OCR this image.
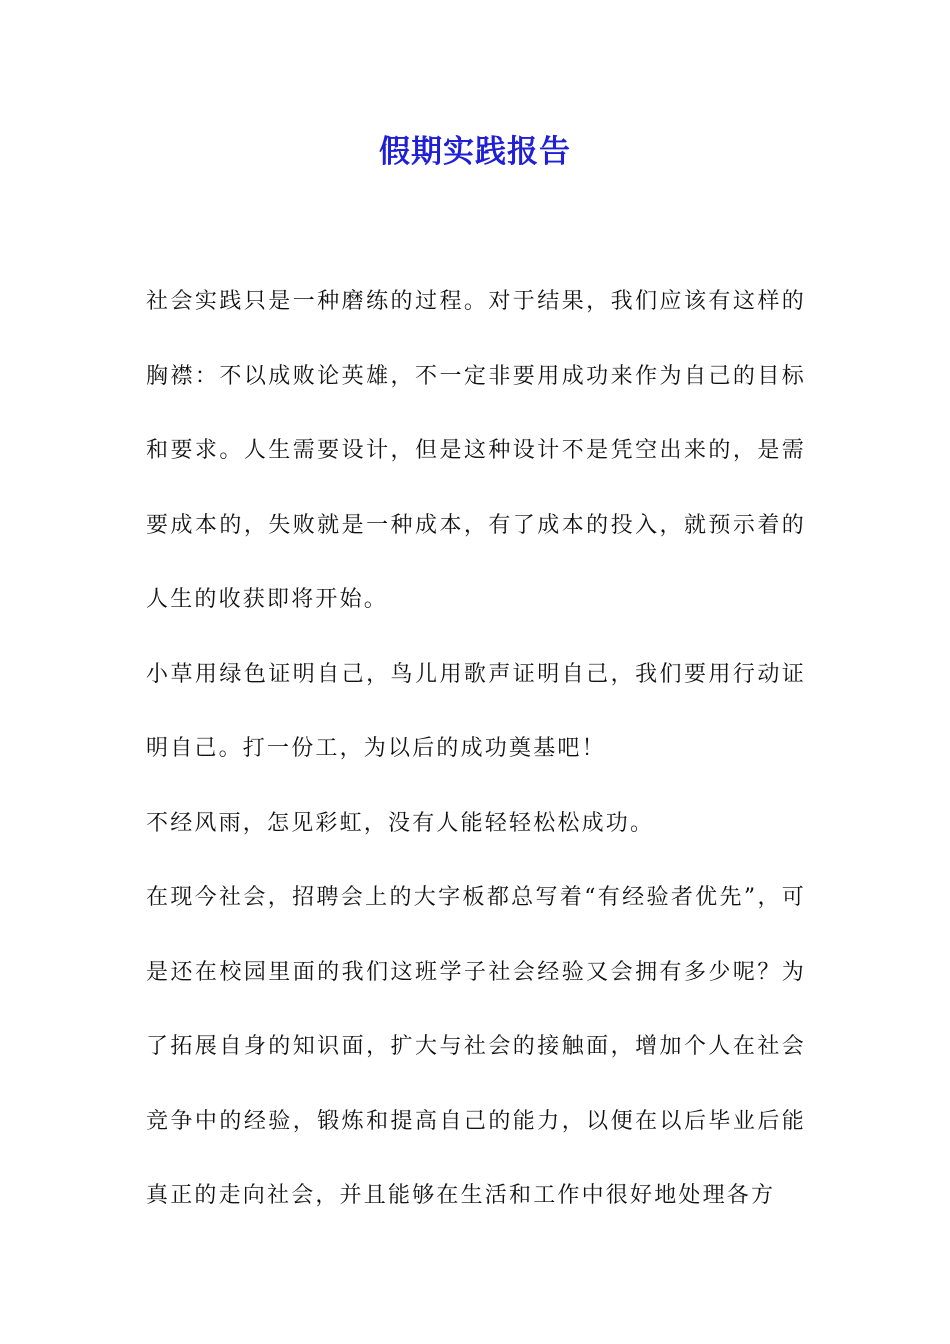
假期实践报告

社会实践只是一种磨练的过程。对于结果，我们应该有这样的胸襟：不以成败论英雄，不一定非要用成功来作为自己的目标和要求。人生需要设计，但是这种设计不是凭空出来的，是需要成本的，失败就是一种成本，有了成本的投入，就预示着的人生的收获即将开始。

小草用绿色证明自己，鸟儿用歌声证明自己，我们要用行动证明自己。打一份工，为以后的成功奠基吧！

不经风雨，怎见彩虹，没有人能轻轻松松成功。

在现今社会，招聘会上的大字板都总写着“有经验者优先”，可是还在校园里面的我们这班学子社会经验又会拥有多少呢？为了拓展自身的知识面，扩大与社会的接触面，增加个人在社会竞争中的经验，锻炼和提高自己的能力，以便在以后毕业后能真正的走向社会，并且能够在生活和工作中很好地处理各方
